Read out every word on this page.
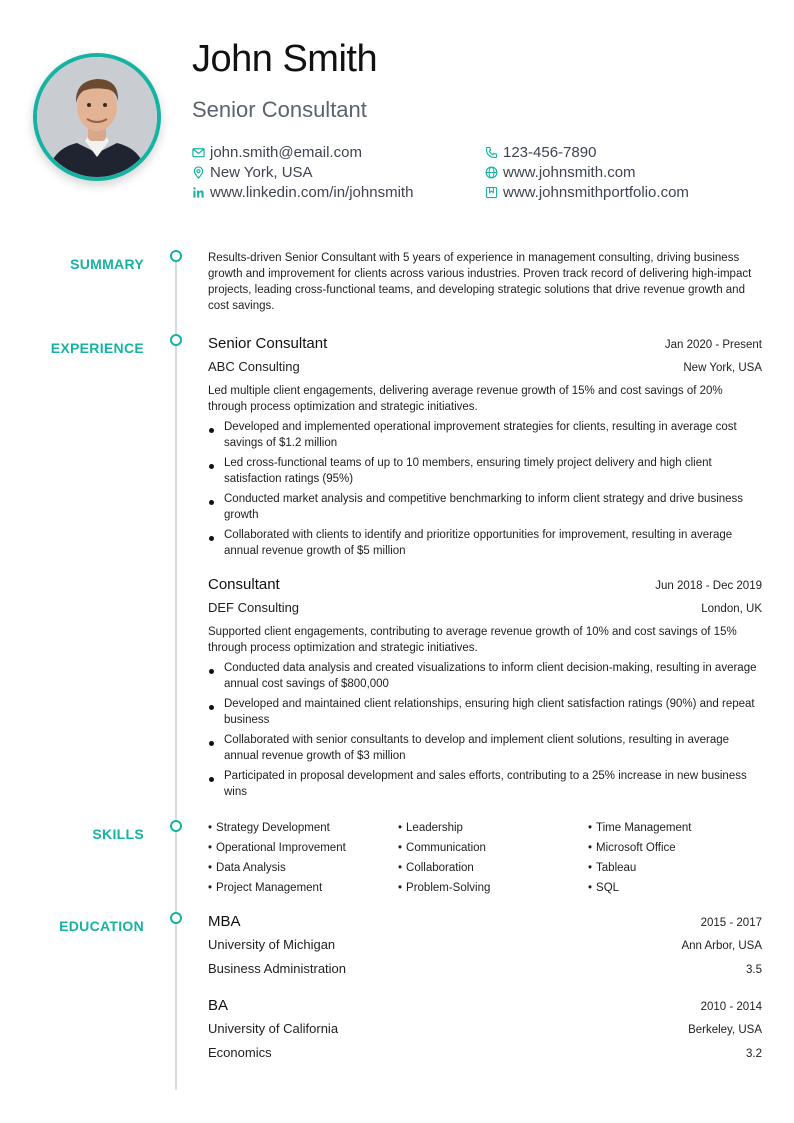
John Smith
Senior Consultant
john.smith@email.com	123-456-7890
New York, USA	www.johnsmith.com
www.linkedin.com/in/johnsmith	www.johnsmithportfolio.com
SUMMARY	Results-driven Senior Consultant with 5 years of experience in management consulting, driving business growth and improvement for clients across various industries. Proven track record of delivering high-impact projects, leading cross-functional teams, and developing strategic solutions that drive revenue growth and cost savings.
EXPERIENCE	Senior Consultant	Jan 2020 - Present
ABC Consulting	New York, USA
Led multiple client engagements, delivering average revenue growth of 15% and cost savings of 20% through process optimization and strategic initiatives.
Developed and implemented operational improvement strategies for clients, resulting in average cost savings of $1.2 million
Led cross-functional teams of up to 10 members, ensuring timely project delivery and high client satisfaction ratings (95%)
Conducted market analysis and competitive benchmarking to inform client strategy and drive business growth
Collaborated with clients to identify and prioritize opportunities for improvement, resulting in average annual revenue growth of $5 million
Consultant	Jun 2018 - Dec 2019
DEF Consulting	London, UK
Supported client engagements, contributing to average revenue growth of 10% and cost savings of 15% through process optimization and strategic initiatives.
Conducted data analysis and created visualizations to inform client decision-making, resulting in average annual cost savings of $800,000
Developed and maintained client relationships, ensuring high client satisfaction ratings (90%) and repeat business
Collaborated with senior consultants to develop and implement client solutions, resulting in average annual revenue growth of $3 million
Participated in proposal development and sales efforts, contributing to a 25% increase in new business wins
SKILLS	• Strategy Development	• Leadership	• Time Management
• Operational Improvement	• Communication	• Microsoft Office
• Data Analysis	• Collaboration	• Tableau
• Project Management	• Problem-Solving	• SQL
EDUCATION	MBA	2015 - 2017
University of Michigan	Ann Arbor, USA
Business Administration	3.5
BA	2010 - 2014
University of California	Berkeley, USA
Economics	3.2
